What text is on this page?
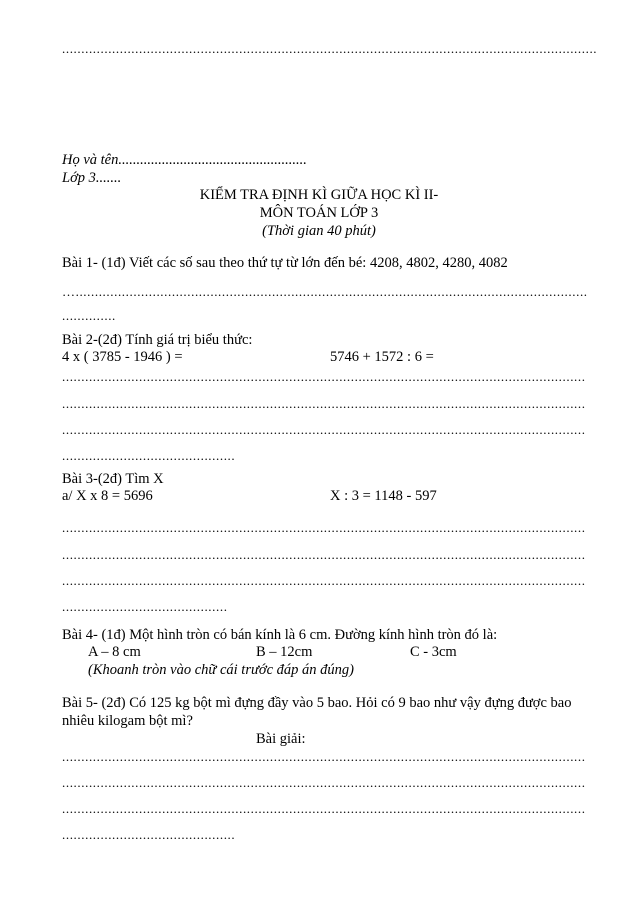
...........................................................................................................................................
Họ và tên....................................................
Lớp 3.......
KIỂM TRA ĐỊNH KÌ GIỮA HỌC KÌ II-
MÔN TOÁN LỚP 3
(Thời gian 40 phút)
Bài 1- (1đ) Viết các số sau theo thứ tự từ lớn đến bé: 4208, 4802, 4280, 4082
….....................................................................................................................................
..............
Bài 2-(2đ) Tính giá trị biểu thức:
4 x ( 3785 - 1946 ) =	5746 + 1572 : 6 =
........................................................................................................................................
........................................................................................................................................
........................................................................................................................................
.............................................
Bài 3-(2đ) Tìm X
a/ X x 8 = 5696	X : 3 = 1148 - 597
........................................................................................................................................
........................................................................................................................................
........................................................................................................................................
...........................................
Bài 4- (1đ) Một hình tròn có bán kính là 6 cm. Đường kính hình tròn đó là:
A – 8 cm	B – 12cm	C - 3cm
(Khoanh tròn vào chữ cái trước đáp án đúng)
Bài 5- (2đ) Có 125 kg bột mì đựng đầy vào 5 bao. Hỏi có 9 bao như vậy đựng được bao
nhiêu kilogam bột mì?
Bài giải:
........................................................................................................................................
........................................................................................................................................
........................................................................................................................................
.............................................
